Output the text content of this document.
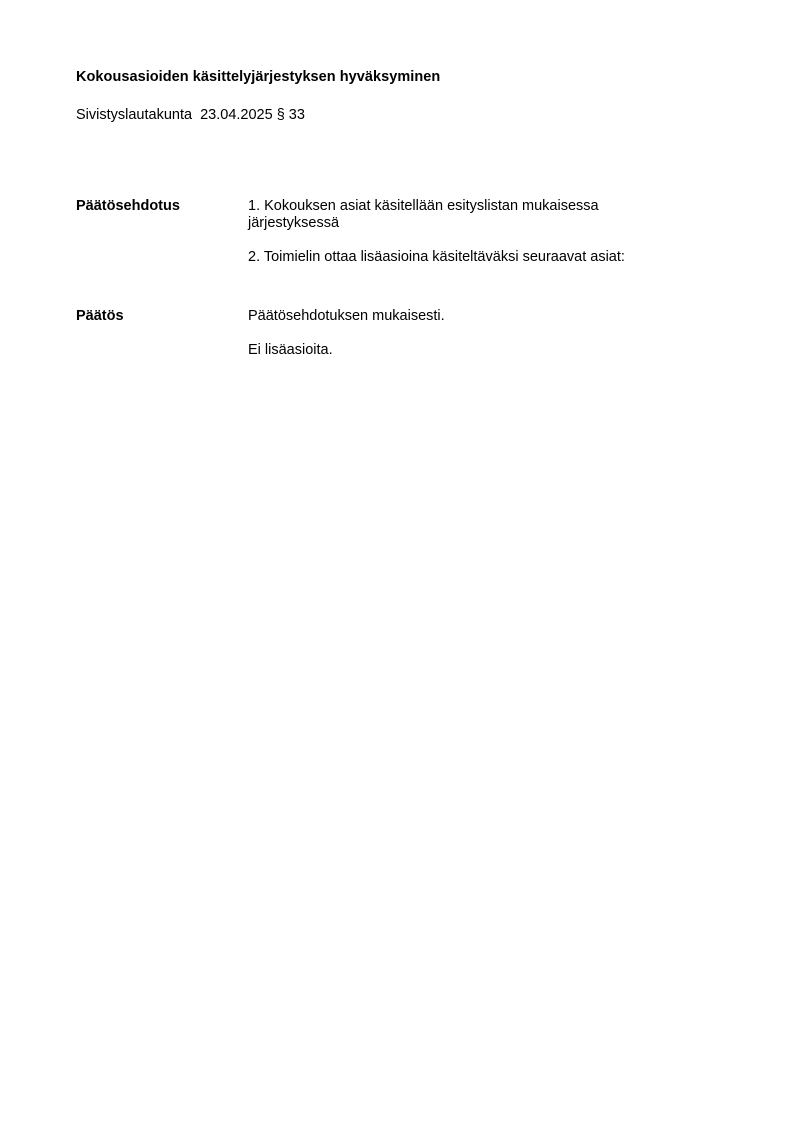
Kokousasioiden käsittelyjärjestyksen hyväksyminen
Sivistyslautakunta  23.04.2025 § 33
Päätösehdotus	1. Kokouksen asiat käsitellään esityslistan mukaisessa järjestyksessä

2. Toimielin ottaa lisäasioina käsiteltäväksi seuraavat asiat:

Päätös	Päätösehdotuksen mukaisesti.

Ei lisäasioita.
